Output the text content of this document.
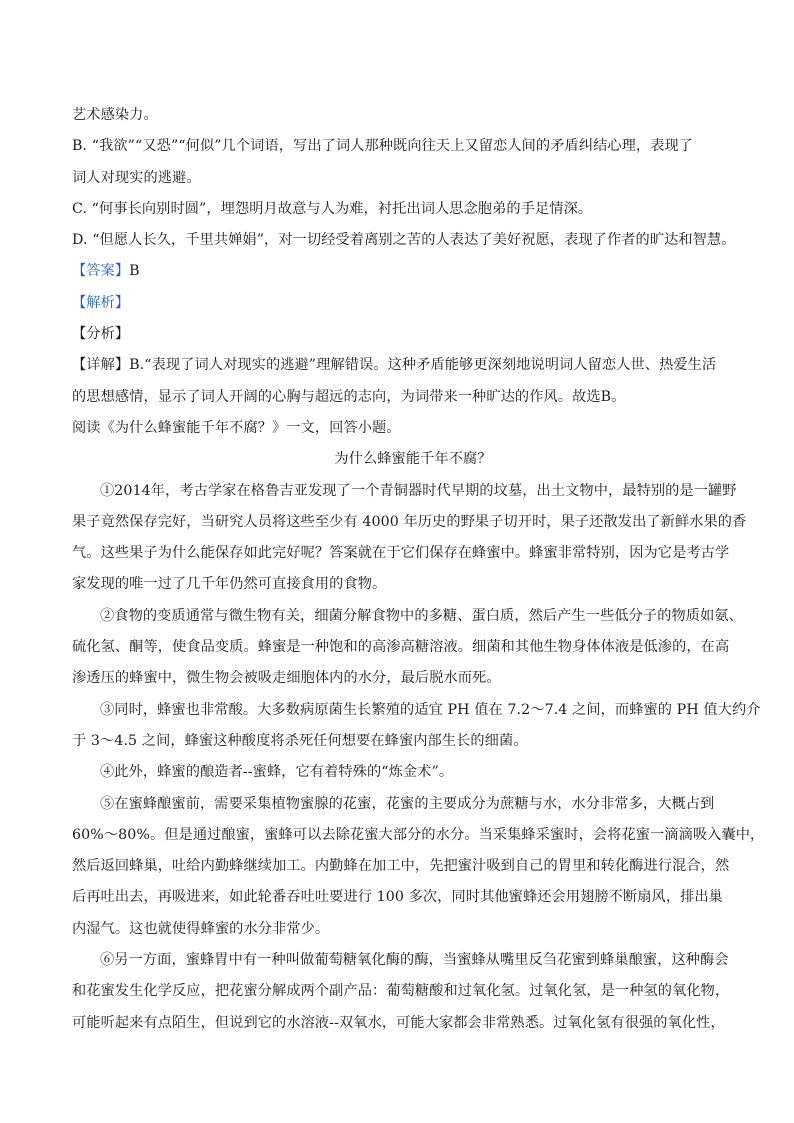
艺术感染力。
B. “我欲”“又恐”“何似”几个词语，写出了词人那种既向往天上又留恋人间的矛盾纠结心理，表现了
词人对现实的逃避。
C. “何事长向别时圆”，埋怨明月故意与人为难，衬托出词人思念胞弟的手足情深。
D. “但愿人长久，千里共婵娟”，对一切经受着离别之苦的人表达了美好祝愿，表现了作者的旷达和智慧。
【答案】B
【解析】
【分析】
【详解】B.“表现了词人对现实的逃避”理解错误。这种矛盾能够更深刻地说明词人留恋人世、热爱生活
的思想感情，显示了词人开阔的心胸与超远的志向，为词带来一种旷达的作风。故选B。
阅读《为什么蜂蜜能千年不腐？》一文，回答小题。
为什么蜂蜜能千年不腐？
①2014年，考古学家在格鲁吉亚发现了一个青铜器时代早期的坟墓，出土文物中，最特别的是一罐野
果子竟然保存完好，当研究人员将这些至少有 4000 年历史的野果子切开时，果子还散发出了新鲜水果的香
气。这些果子为什么能保存如此完好呢？答案就在于它们保存在蜂蜜中。蜂蜜非常特别，因为它是考古学
家发现的唯一过了几千年仍然可直接食用的食物。
②食物的变质通常与微生物有关，细菌分解食物中的多糖、蛋白质，然后产生一些低分子的物质如氨、
硫化氢、酮等，使食品变质。蜂蜜是一种饱和的高渗高糖溶液。细菌和其他生物身体体液是低渗的，在高
渗透压的蜂蜜中，微生物会被吸走细胞体内的水分，最后脱水而死。
③同时，蜂蜜也非常酸。大多数病原菌生长繁殖的适宜 PH 值在 7.2～7.4 之间，而蜂蜜的 PH 值大约介
于 3～4.5 之间，蜂蜜这种酸度将杀死任何想要在蜂蜜内部生长的细菌。
④此外，蜂蜜的酿造者--蜜蜂，它有着特殊的“炼金术”。
⑤在蜜蜂酿蜜前，需要采集植物蜜腺的花蜜，花蜜的主要成分为蔗糖与水，水分非常多，大概占到
60%～80%。但是通过酿蜜，蜜蜂可以去除花蜜大部分的水分。当采集蜂采蜜时，会将花蜜一滴滴吸入囊中，
然后返回蜂巢，吐给内勤蜂继续加工。内勤蜂在加工中，先把蜜汁吸到自己的胃里和转化酶进行混合，然
后再吐出去，再吸进来，如此轮番吞吐吐要进行 100 多次，同时其他蜜蜂还会用翅膀不断扇风，排出巢
内湿气。这也就使得蜂蜜的水分非常少。
⑥另一方面，蜜蜂胃中有一种叫做葡萄糖氧化酶的酶，当蜜蜂从嘴里反刍花蜜到蜂巢酿蜜，这种酶会
和花蜜发生化学反应，把花蜜分解成两个副产品：葡萄糖酸和过氧化氢。过氧化氢，是一种氢的氧化物，
可能听起来有点陌生，但说到它的水溶液--双氧水，可能大家都会非常熟悉。过氧化氢有很强的氧化性，
